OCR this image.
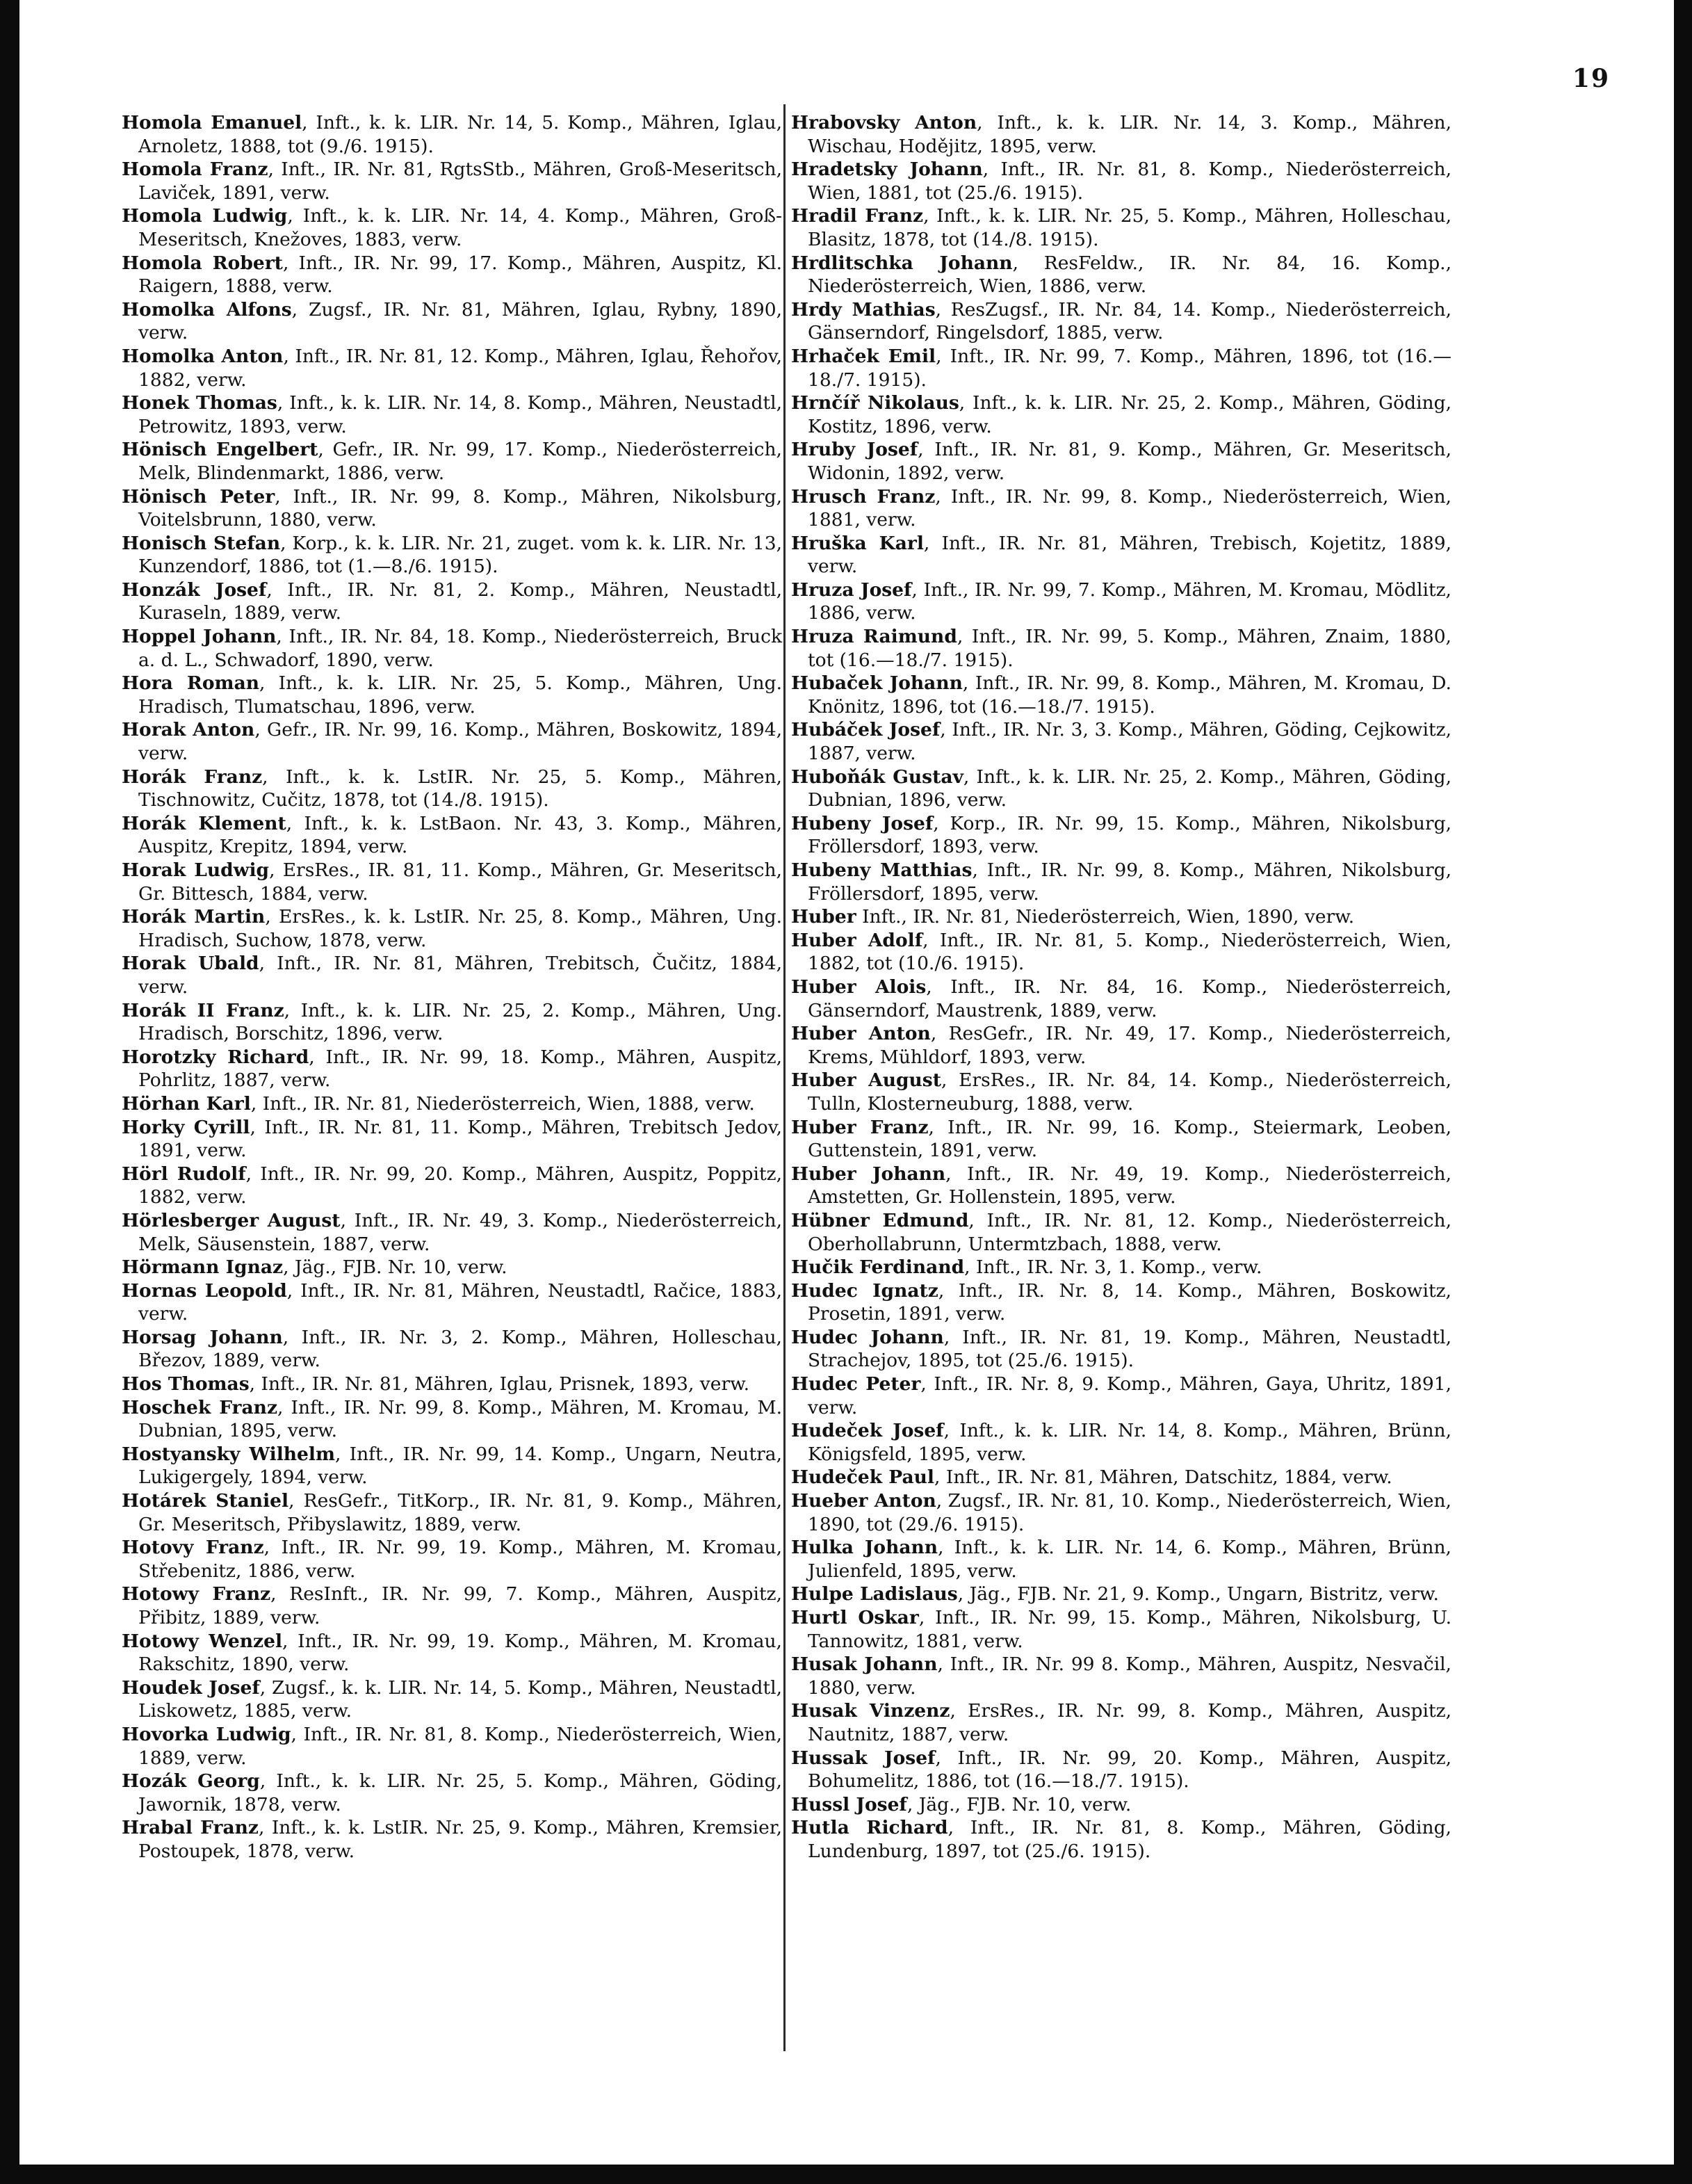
19

Homola Emanuel, Inft., k. k. LIR. Nr. 14, 5. Komp., Mähren, Iglau, Arnoletz, 1888, tot (9./6. 1915).

Homola Franz, Inft., IR. Nr. 81, RgtsStb., Mähren, Groß-Meseritsch, Laviček, 1891, verw.

Homola Ludwig, Inft., k. k. LIR. Nr. 14, 4. Komp., Mähren, Groß-Meseritsch, Knežoves, 1883, verw.

Homola Robert, Inft., IR. Nr. 99, 17. Komp., Mähren, Auspitz, Kl. Raigern, 1888, verw.

Homolka Alfons, Zugsf., IR. Nr. 81, Mähren, Iglau, Rybny, 1890, verw.

Homolka Anton, Inft., IR. Nr. 81, 12. Komp., Mähren, Iglau, Řehořov, 1882, verw.

Honek Thomas, Inft., k. k. LIR. Nr. 14, 8. Komp., Mähren, Neustadtl, Petrowitz, 1893, verw.

Hönisch Engelbert, Gefr., IR. Nr. 99, 17. Komp., Niederösterreich, Melk, Blindenmarkt, 1886, verw.

Hönisch Peter, Inft., IR. Nr. 99, 8. Komp., Mähren, Nikolsburg, Voitelsbrunn, 1880, verw.

Honisch Stefan, Korp., k. k. LIR. Nr. 21, zuget. vom k. k. LIR. Nr. 13, Kunzendorf, 1886, tot (1.—8./6. 1915).

Honzák Josef, Inft., IR. Nr. 81, 2. Komp., Mähren, Neustadtl, Kuraseln, 1889, verw.

Hoppel Johann, Inft., IR. Nr. 84, 18. Komp., Niederösterreich, Bruck a. d. L., Schwadorf, 1890, verw.

Hora Roman, Inft., k. k. LIR. Nr. 25, 5. Komp., Mähren, Ung. Hradisch, Tlumatschau, 1896, verw.

Horak Anton, Gefr., IR. Nr. 99, 16. Komp., Mähren, Boskowitz, 1894, verw.

Horák Franz, Inft., k. k. LstIR. Nr. 25, 5. Komp., Mähren, Tischnowitz, Cučitz, 1878, tot (14./8. 1915).

Horák Klement, Inft., k. k. LstBaon. Nr. 43, 3. Komp., Mähren, Auspitz, Krepitz, 1894, verw.

Horak Ludwig, ErsRes., IR. 81, 11. Komp., Mähren, Gr. Meseritsch, Gr. Bittesch, 1884, verw.

Horák Martin, ErsRes., k. k. LstIR. Nr. 25, 8. Komp., Mähren, Ung. Hradisch, Suchow, 1878, verw.

Horak Ubald, Inft., IR. Nr. 81, Mähren, Trebitsch, Čučitz, 1884, verw.

Horák II Franz, Inft., k. k. LIR. Nr. 25, 2. Komp., Mähren, Ung. Hradisch, Borschitz, 1896, verw.

Horotzky Richard, Inft., IR. Nr. 99, 18. Komp., Mähren, Auspitz, Pohrlitz, 1887, verw.

Hörhan Karl, Inft., IR. Nr. 81, Niederösterreich, Wien, 1888, verw.

Horky Cyrill, Inft., IR. Nr. 81, 11. Komp., Mähren, Trebitsch Jedov, 1891, verw.

Hörl Rudolf, Inft., IR. Nr. 99, 20. Komp., Mähren, Auspitz, Poppitz, 1882, verw.

Hörlesberger August, Inft., IR. Nr. 49, 3. Komp., Niederösterreich, Melk, Säusenstein, 1887, verw.

Hörmann Ignaz, Jäg., FJB. Nr. 10, verw.

Hornas Leopold, Inft., IR. Nr. 81, Mähren, Neustadtl, Račice, 1883, verw.

Horsag Johann, Inft., IR. Nr. 3, 2. Komp., Mähren, Holleschau, Březov, 1889, verw.

Hos Thomas, Inft., IR. Nr. 81, Mähren, Iglau, Prisnek, 1893, verw.

Hoschek Franz, Inft., IR. Nr. 99, 8. Komp., Mähren, M. Kromau, M. Dubnian, 1895, verw.

Hostyansky Wilhelm, Inft., IR. Nr. 99, 14. Komp., Ungarn, Neutra, Lukigergely, 1894, verw.

Hotárek Staniel, ResGefr., TitKorp., IR. Nr. 81, 9. Komp., Mähren, Gr. Meseritsch, Přibyslawitz, 1889, verw.

Hotovy Franz, Inft., IR. Nr. 99, 19. Komp., Mähren, M. Kromau, Střebenitz, 1886, verw.

Hotowy Franz, ResInft., IR. Nr. 99, 7. Komp., Mähren, Auspitz, Přibitz, 1889, verw.

Hotowy Wenzel, Inft., IR. Nr. 99, 19. Komp., Mähren, M. Kromau, Rakschitz, 1890, verw.

Houdek Josef, Zugsf., k. k. LIR. Nr. 14, 5. Komp., Mähren, Neustadtl, Liskowetz, 1885, verw.

Hovorka Ludwig, Inft., IR. Nr. 81, 8. Komp., Niederösterreich, Wien, 1889, verw.

Hozák Georg, Inft., k. k. LIR. Nr. 25, 5. Komp., Mähren, Göding, Jawornik, 1878, verw.

Hrabal Franz, Inft., k. k. LstIR. Nr. 25, 9. Komp., Mähren, Kremsier, Postoupek, 1878, verw.

Hrabovsky Anton, Inft., k. k. LIR. Nr. 14, 3. Komp., Mähren, Wischau, Hodějitz, 1895, verw.

Hradetsky Johann, Inft., IR. Nr. 81, 8. Komp., Niederösterreich, Wien, 1881, tot (25./6. 1915).

Hradil Franz, Inft., k. k. LIR. Nr. 25, 5. Komp., Mähren, Holleschau, Blasitz, 1878, tot (14./8. 1915).

Hrdlitschka Johann, ResFeldw., IR. Nr. 84, 16. Komp., Niederösterreich, Wien, 1886, verw.

Hrdy Mathias, ResZugsf., IR. Nr. 84, 14. Komp., Niederösterreich, Gänserndorf, Ringelsdorf, 1885, verw.

Hrhaček Emil, Inft., IR. Nr. 99, 7. Komp., Mähren, 1896, tot (16.—18./7. 1915).

Hrnčíř Nikolaus, Inft., k. k. LIR. Nr. 25, 2. Komp., Mähren, Göding, Kostitz, 1896, verw.

Hruby Josef, Inft., IR. Nr. 81, 9. Komp., Mähren, Gr. Meseritsch, Widonin, 1892, verw.

Hrusch Franz, Inft., IR. Nr. 99, 8. Komp., Niederösterreich, Wien, 1881, verw.

Hruška Karl, Inft., IR. Nr. 81, Mähren, Trebisch, Kojetitz, 1889, verw.

Hruza Josef, Inft., IR. Nr. 99, 7. Komp., Mähren, M. Kromau, Mödlitz, 1886, verw.

Hruza Raimund, Inft., IR. Nr. 99, 5. Komp., Mähren, Znaim, 1880, tot (16.—18./7. 1915).

Hubaček Johann, Inft., IR. Nr. 99, 8. Komp., Mähren, M. Kromau, D. Knönitz, 1896, tot (16.—18./7. 1915).

Hubáček Josef, Inft., IR. Nr. 3, 3. Komp., Mähren, Göding, Cejkowitz, 1887, verw.

Huboňák Gustav, Inft., k. k. LIR. Nr. 25, 2. Komp., Mähren, Göding, Dubnian, 1896, verw.

Hubeny Josef, Korp., IR. Nr. 99, 15. Komp., Mähren, Nikolsburg, Fröllersdorf, 1893, verw.

Hubeny Matthias, Inft., IR. Nr. 99, 8. Komp., Mähren, Nikolsburg, Fröllersdorf, 1895, verw.

Huber Inft., IR. Nr. 81, Niederösterreich, Wien, 1890, verw.

Huber Adolf, Inft., IR. Nr. 81, 5. Komp., Niederösterreich, Wien, 1882, tot (10./6. 1915).

Huber Alois, Inft., IR. Nr. 84, 16. Komp., Niederösterreich, Gänserndorf, Maustrenk, 1889, verw.

Huber Anton, ResGefr., IR. Nr. 49, 17. Komp., Niederösterreich, Krems, Mühldorf, 1893, verw.

Huber August, ErsRes., IR. Nr. 84, 14. Komp., Niederösterreich, Tulln, Klosterneuburg, 1888, verw.

Huber Franz, Inft., IR. Nr. 99, 16. Komp., Steiermark, Leoben, Guttenstein, 1891, verw.

Huber Johann, Inft., IR. Nr. 49, 19. Komp., Niederösterreich, Amstetten, Gr. Hollenstein, 1895, verw.

Hübner Edmund, Inft., IR. Nr. 81, 12. Komp., Niederösterreich, Oberhollabrunn, Untermtzbach, 1888, verw.

Hučik Ferdinand, Inft., IR. Nr. 3, 1. Komp., verw.

Hudec Ignatz, Inft., IR. Nr. 8, 14. Komp., Mähren, Boskowitz, Prosetin, 1891, verw.

Hudec Johann, Inft., IR. Nr. 81, 19. Komp., Mähren, Neustadtl, Strachejov, 1895, tot (25./6. 1915).

Hudec Peter, Inft., IR. Nr. 8, 9. Komp., Mähren, Gaya, Uhritz, 1891, verw.

Hudeček Josef, Inft., k. k. LIR. Nr. 14, 8. Komp., Mähren, Brünn, Königsfeld, 1895, verw.

Hudeček Paul, Inft., IR. Nr. 81, Mähren, Datschitz, 1884, verw.

Hueber Anton, Zugsf., IR. Nr. 81, 10. Komp., Niederösterreich, Wien, 1890, tot (29./6. 1915).

Hulka Johann, Inft., k. k. LIR. Nr. 14, 6. Komp., Mähren, Brünn, Julienfeld, 1895, verw.

Hulpe Ladislaus, Jäg., FJB. Nr. 21, 9. Komp., Ungarn, Bistritz, verw.

Hurtl Oskar, Inft., IR. Nr. 99, 15. Komp., Mähren, Nikolsburg, U. Tannowitz, 1881, verw.

Husak Johann, Inft., IR. Nr. 99 8. Komp., Mähren, Auspitz, Nesvačil, 1880, verw.

Husak Vinzenz, ErsRes., IR. Nr. 99, 8. Komp., Mähren, Auspitz, Nautnitz, 1887, verw.

Hussak Josef, Inft., IR. Nr. 99, 20. Komp., Mähren, Auspitz, Bohumelitz, 1886, tot (16.—18./7. 1915).

Hussl Josef, Jäg., FJB. Nr. 10, verw.

Hutla Richard, Inft., IR. Nr. 81, 8. Komp., Mähren, Göding, Lundenburg, 1897, tot (25./6. 1915).
